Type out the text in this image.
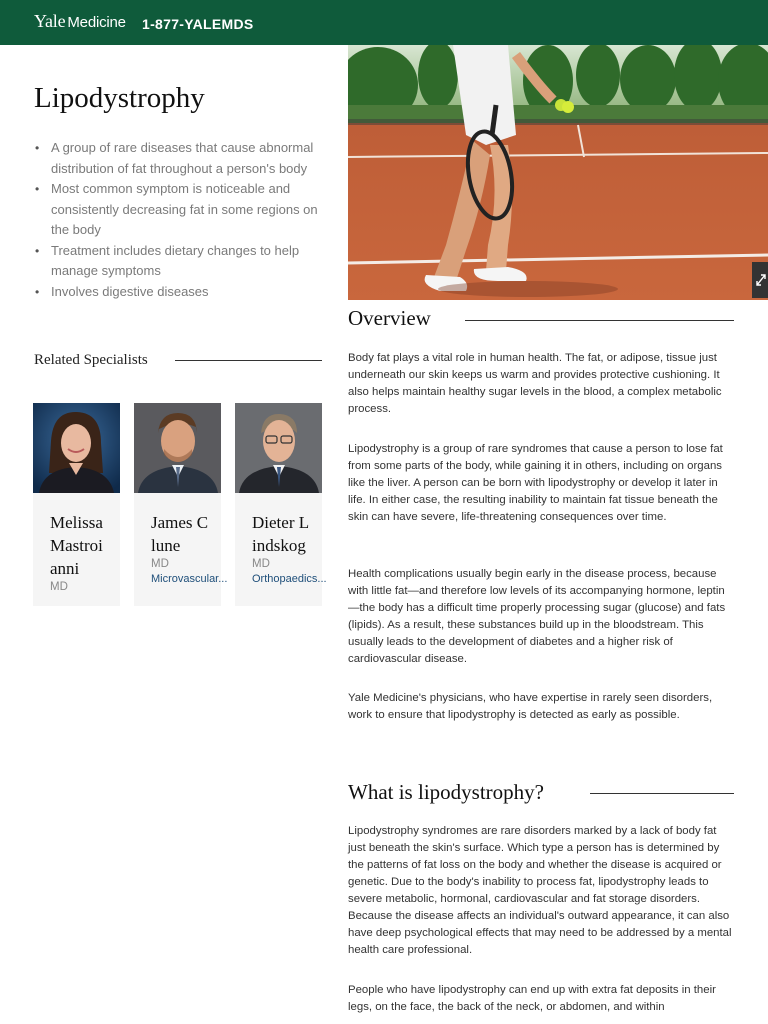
Yale Medicine 1-877-YALEMDS
Lipodystrophy
• A group of rare diseases that cause abnormal distribution of fat throughout a person's body
• Most common symptom is noticeable and consistently decreasing fat in some regions on the body
• Treatment includes dietary changes to help manage symptoms
• Involves digestive diseases
Related Specialists
Melissa Mastroianni
MD
James Clune
MD
Microvascular...
Dieter Lindskog
MD
Orthopaedics...
Overview

Body fat plays a vital role in human health. The fat, or adipose, tissue just underneath our skin keeps us warm and provides protective cushioning. It also helps maintain healthy sugar levels in the blood, a complex metabolic process.

Lipodystrophy is a group of rare syndromes that cause a person to lose fat from some parts of the body, while gaining it in others, including on organs like the liver. A person can be born with lipodystrophy or develop it later in life. In either case, the resulting inability to maintain fat tissue beneath the skin can have severe, life-threatening consequences over time.

Health complications usually begin early in the disease process, because with little fat—and therefore low levels of its accompanying hormone, leptin—the body has a difficult time properly processing sugar (glucose) and fats (lipids). As a result, these substances build up in the bloodstream. This usually leads to the development of diabetes and a higher risk of cardiovascular disease.

Yale Medicine's physicians, who have expertise in rarely seen disorders, work to ensure that lipodystrophy is detected as early as possible.

What is lipodystrophy?

Lipodystrophy syndromes are rare disorders marked by a lack of body fat just beneath the skin's surface. Which type a person has is determined by the patterns of fat loss on the body and whether the disease is acquired or genetic. Due to the body's inability to process fat, lipodystrophy leads to severe metabolic, hormonal, cardiovascular and fat storage disorders. Because the disease affects an individual's outward appearance, it can also have deep psychological effects that may need to be addressed by a mental health care professional.

People who have lipodystrophy can end up with extra fat deposits in their legs, on the face, the back of the neck, or abdomen, and within
